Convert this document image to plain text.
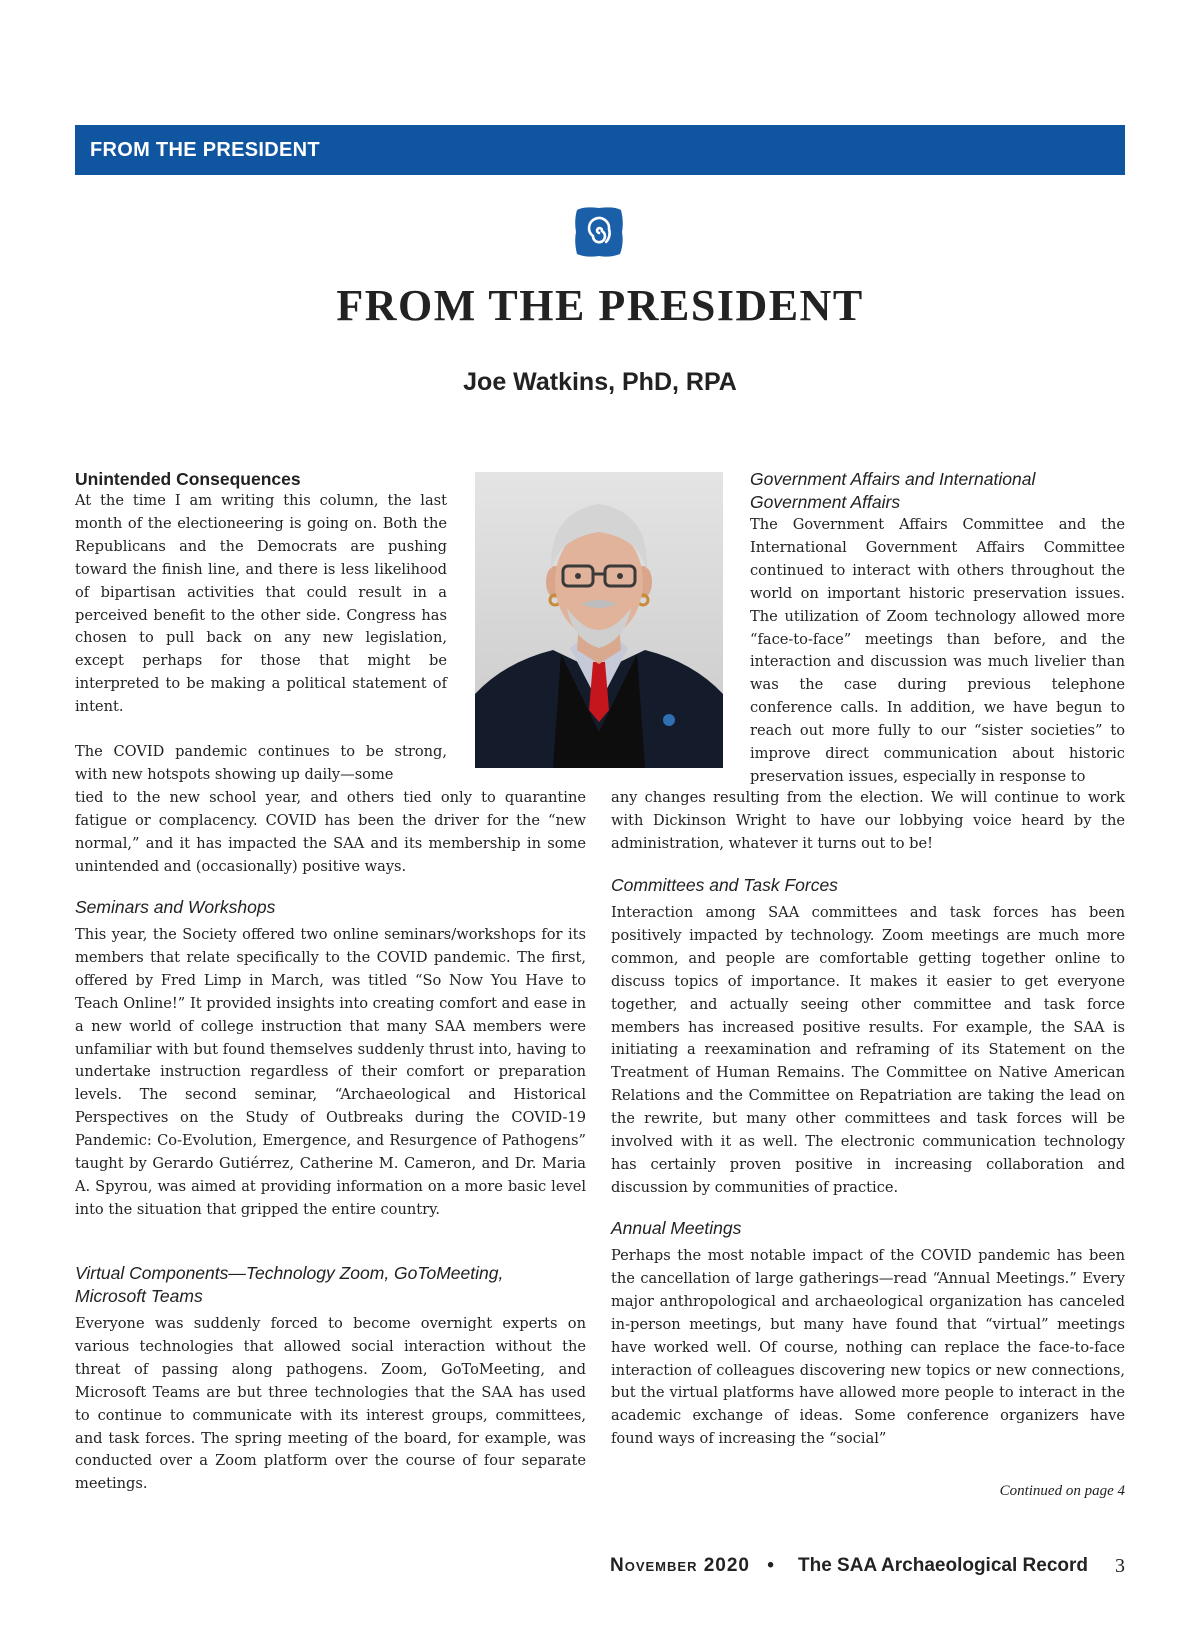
FROM THE PRESIDENT
FROM THE PRESIDENT
Joe Watkins, PhD, RPA
Unintended Consequences

At the time I am writing this column, the last month of the electioneering is going on. Both the Republicans and the Democrats are pushing toward the finish line, and there is less likelihood of bipartisan activities that could result in a perceived benefit to the other side. Congress has chosen to pull back on any new legislation, except perhaps for those that might be interpreted to be making a political statement of intent.

The COVID pandemic continues to be strong, with new hotspots showing up daily—some

tied to the new school year, and others tied only to quarantine fatigue or complacency. COVID has been the driver for the “new normal,” and it has impacted the SAA and its membership in some unintended and (occasionally) positive ways.

Seminars and Workshops

This year, the Society offered two online seminars/workshops for its members that relate specifically to the COVID pandemic. The first, offered by Fred Limp in March, was titled “So Now You Have to Teach Online!” It provided insights into creating comfort and ease in a new world of college instruction that many SAA members were unfamiliar with but found themselves suddenly thrust into, having to undertake instruction regardless of their comfort or preparation levels. The second seminar, “Archaeological and Historical Perspectives on the Study of Outbreaks during the COVID-19 Pandemic: Co-Evolution, Emergence, and Resurgence of Pathogens” taught by Gerardo Gutiérrez, Catherine M. Cameron, and Dr. Maria A. Spyrou, was aimed at providing information on a more basic level into the situation that gripped the entire country.

Virtual Components—Technology Zoom, GoToMeeting,
Microsoft Teams

Everyone was suddenly forced to become overnight experts on various technologies that allowed social interaction without the threat of passing along pathogens. Zoom, GoToMeeting, and Microsoft Teams are but three technologies that the SAA has used to continue to communicate with its interest groups, committees, and task forces. The spring meeting of the board, for example, was conducted over a Zoom platform over the course of four separate meetings.

Government Affairs and International
Government Affairs

The Government Affairs Committee and the International Government Affairs Committee continued to interact with others throughout the world on important historic preservation issues. The utilization of Zoom technology allowed more “face-to-face” meetings than before, and the interaction and discussion was much livelier than was the case during previous telephone conference calls. In addition, we have begun to reach out more fully to our “sister societies” to improve direct communication about historic preservation issues, especially in response to

any changes resulting from the election. We will continue to work with Dickinson Wright to have our lobbying voice heard by the administration, whatever it turns out to be!

Committees and Task Forces

Interaction among SAA committees and task forces has been positively impacted by technology. Zoom meetings are much more common, and people are comfortable getting together online to discuss topics of importance. It makes it easier to get everyone together, and actually seeing other committee and task force members has increased positive results. For example, the SAA is initiating a reexamination and reframing of its Statement on the Treatment of Human Remains. The Committee on Native American Relations and the Committee on Repatriation are taking the lead on the rewrite, but many other committees and task forces will be involved with it as well. The electronic communication technology has certainly proven positive in increasing collaboration and discussion by communities of practice.

Annual Meetings

Perhaps the most notable impact of the COVID pandemic has been the cancellation of large gatherings—read “Annual Meetings.” Every major anthropological and archaeological organization has canceled in-person meetings, but many have found that “virtual” meetings have worked well. Of course, nothing can replace the face-to-face interaction of colleagues discovering new topics or new connections, but the virtual platforms have allowed more people to interact in the academic exchange of ideas. Some conference organizers have found ways of increasing the “social”

Continued on page 4
November 2020 • The SAA Archaeological Record 3
